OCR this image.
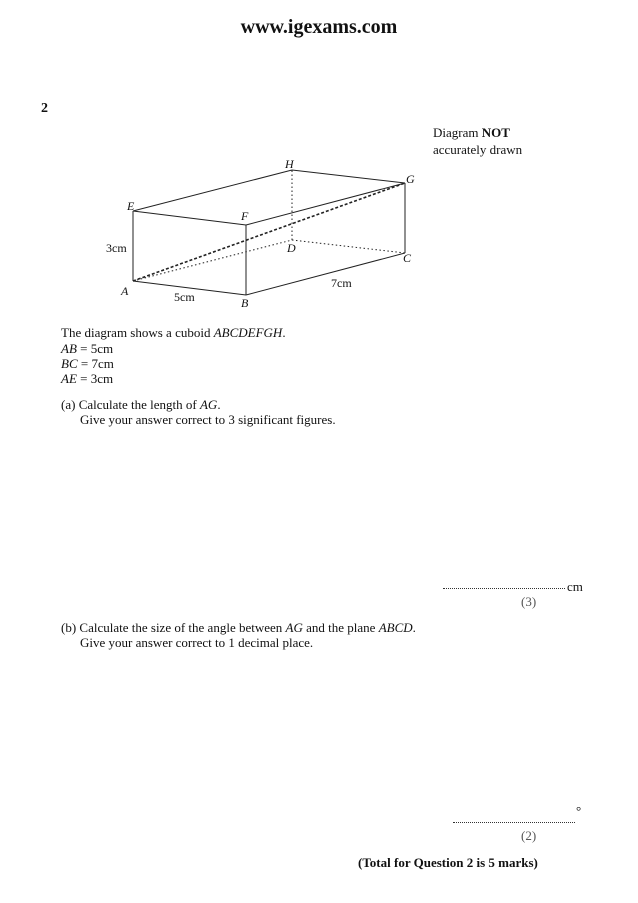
www.igexams.com
2
Diagram NOT
accurately drawn
A
B
C
D
E
F
G
H
3cm
5cm
7cm
The diagram shows a cuboid ABCDEFGH.
AB = 5cm
BC = 7cm
AE = 3cm
(a) Calculate the length of AG.
Give your answer correct to 3 significant figures.
cm
(3)
(b) Calculate the size of the angle between AG and the plane ABCD.
Give your answer correct to 1 decimal place.
°
(2)
(Total for Question 2 is 5 marks)
